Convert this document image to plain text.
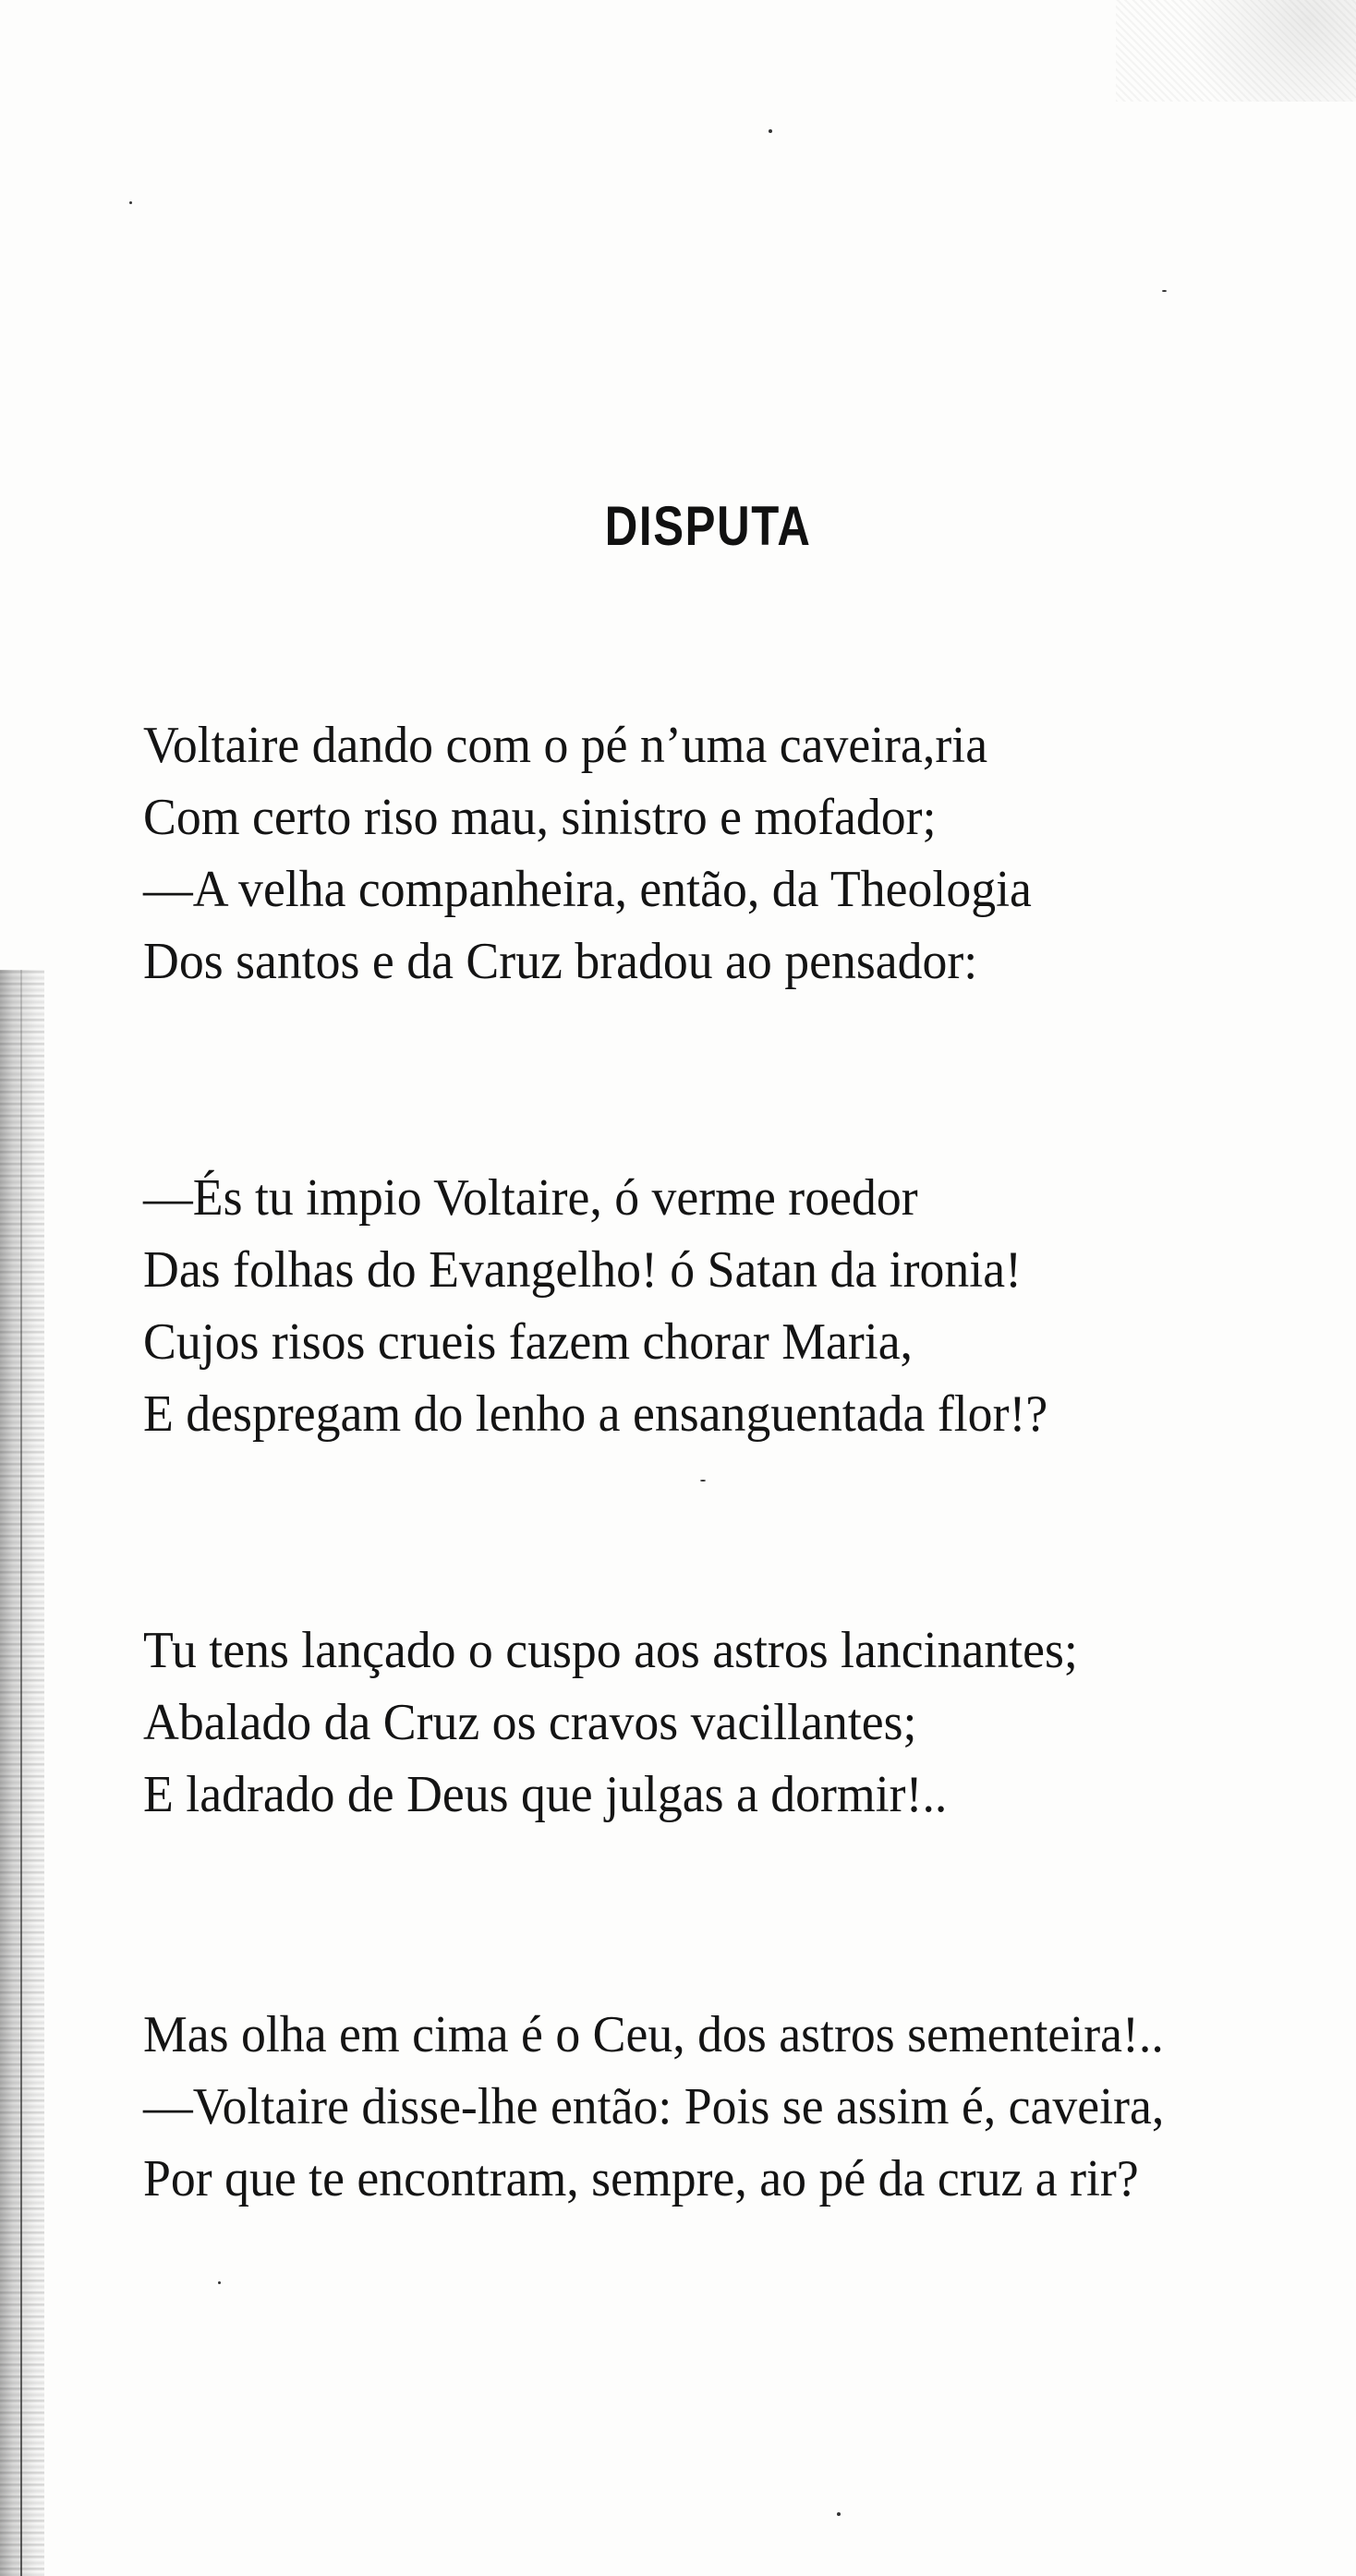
DISPUTA
Voltaire dando com o pé n’uma caveira,ria
Com certo riso mau, sinistro e mofador;
—A velha companheira, então, da Theologia
Dos santos e da Cruz bradou ao pensador:
—És tu impio Voltaire, ó verme roedor
Das folhas do Evangelho! ó Satan da ironia!
Cujos risos crueis fazem chorar Maria,
E despregam do lenho a ensanguentada flor!?
Tu tens lançado o cuspo aos astros lancinantes;
Abalado da Cruz os cravos vacillantes;
E ladrado de Deus que julgas a dormir!..
Mas olha em cima é o Ceu, dos astros sementeira!..
—Voltaire disse-lhe então: Pois se assim é, caveira,
Por que te encontram, sempre, ao pé da cruz a rir?
